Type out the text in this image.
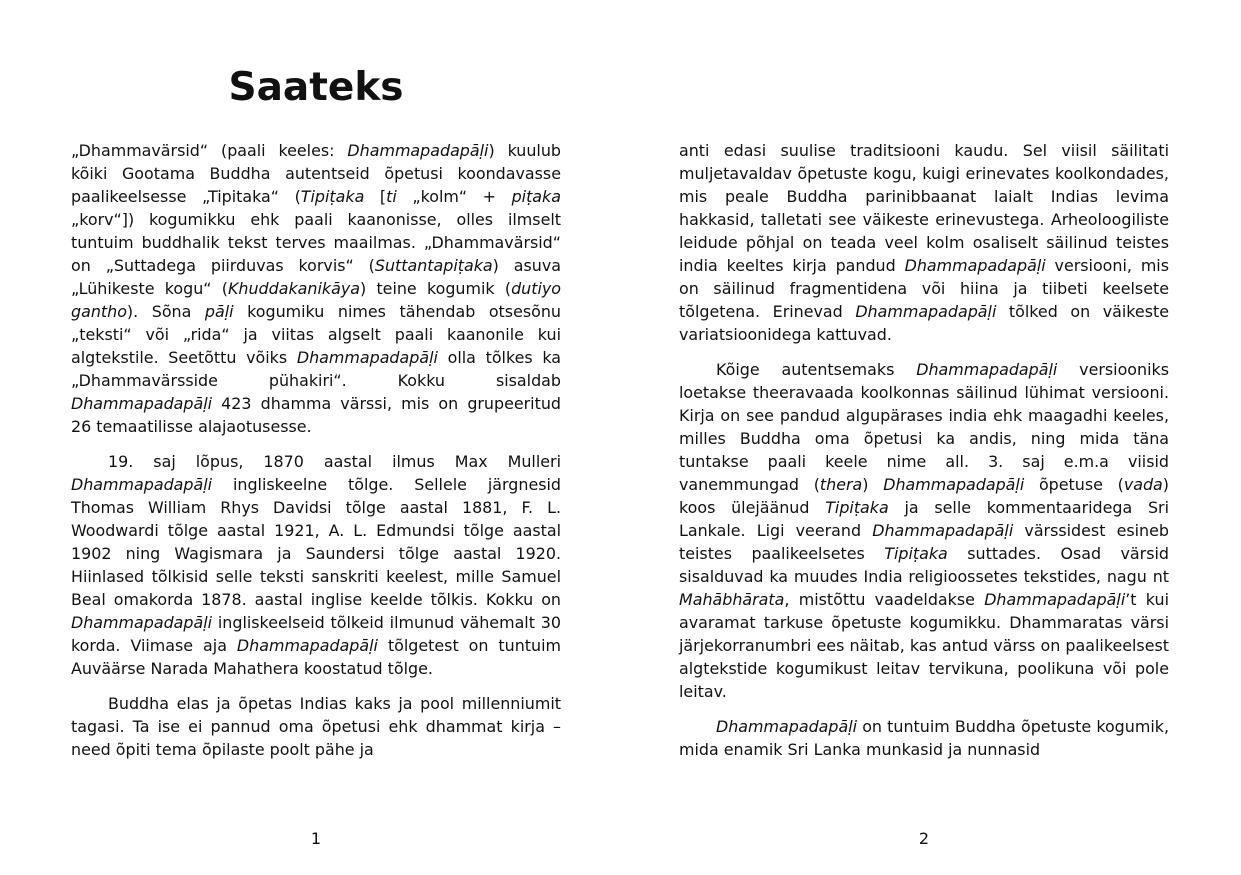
Saateks

„Dhammavärsid“ (paali keeles: Dhammapadapāḷi) kuulub kõiki Gootama Buddha autentseid õpetusi koondavasse paalikeelsesse „Tipitaka“ (Tipiṭaka [ti „kolm“ + piṭaka „korv“]) kogumikku ehk paali kaanonisse, olles ilmselt tuntuim buddhalik tekst terves maailmas. „Dhammavärsid“ on „Suttadega piirduvas korvis“ (Suttantapiṭaka) asuva „Lühikeste kogu“ (Khuddakanikāya) teine kogumik (dutiyo gantho). Sõna pāḷi kogumiku nimes tähendab otsesõnu „teksti“ või „rida“ ja viitas algselt paali kaanonile kui algtekstile. Seetõttu võiks Dhammapadapāḷi olla tõlkes ka „Dhammavärsside pühakiri“. Kokku sisaldab Dhammapadapāḷi 423 dhamma värssi, mis on grupeeritud 26 temaatilisse alajaotusesse.

19. saj lõpus, 1870 aastal ilmus Max Mulleri Dhammapadapāḷi ingliskeelne tõlge. Sellele järgnesid Thomas William Rhys Davidsi tõlge aastal 1881, F. L. Woodwardi tõlge aastal 1921, A. L. Edmundsi tõlge aastal 1902 ning Wagismara ja Saundersi tõlge aastal 1920. Hiinlased tõlkisid selle teksti sanskriti keelest, mille Samuel Beal omakorda 1878. aastal inglise keelde tõlkis. Kokku on Dhammapadapāḷi ingliskeelseid tõlkeid ilmunud vähemalt 30 korda. Viimase aja Dhammapadapāḷi tõlgetest on tuntuim Auväärse Narada Mahathera koostatud tõlge.

Buddha elas ja õpetas Indias kaks ja pool millenniumit tagasi. Ta ise ei pannud oma õpetusi ehk dhammat kirja – need õpiti tema õpilaste poolt pähe ja

1

anti edasi suulise traditsiooni kaudu. Sel viisil säilitati muljetavaldav õpetuste kogu, kuigi erinevates koolkondades, mis peale Buddha parinibbaanat laialt Indias levima hakkasid, talletati see väikeste erinevustega. Arheoloogiliste leidude põhjal on teada veel kolm osaliselt säilinud teistes india keeltes kirja pandud Dhammapadapāḷi versiooni, mis on säilinud fragmentidena või hiina ja tiibeti keelsete tõlgetena. Erinevad Dhammapadapāḷi tõlked on väikeste variatsioonidega kattuvad.

Kõige autentsemaks Dhammapadapāḷi versiooniks loetakse theeravaada koolkonnas säilinud lühimat versiooni. Kirja on see pandud algupärases india ehk maagadhi keeles, milles Buddha oma õpetusi ka andis, ning mida täna tuntakse paali keele nime all. 3. saj e.m.a viisid vanemmungad (thera) Dhammapadapāḷi õpetuse (vada) koos ülejäänud Tipiṭaka ja selle kommentaaridega Sri Lankale. Ligi veerand Dhammapadapāḷi värssidest esineb teistes paalikeelsetes Tipiṭaka suttades. Osad värsid sisalduvad ka muudes India religioossetes tekstides, nagu nt Mahābhārata, mistõttu vaadeldakse Dhammapadapāḷi’t kui avaramat tarkuse õpetuste kogumikku. Dhammaratas värsi järjekorranumbri ees näitab, kas antud värss on paalikeelsest algtekstide kogumikust leitav tervikuna, poolikuna või pole leitav.

Dhammapadapāḷi on tuntuim Buddha õpetuste kogumik, mida enamik Sri Lanka munkasid ja nunnasid

2
